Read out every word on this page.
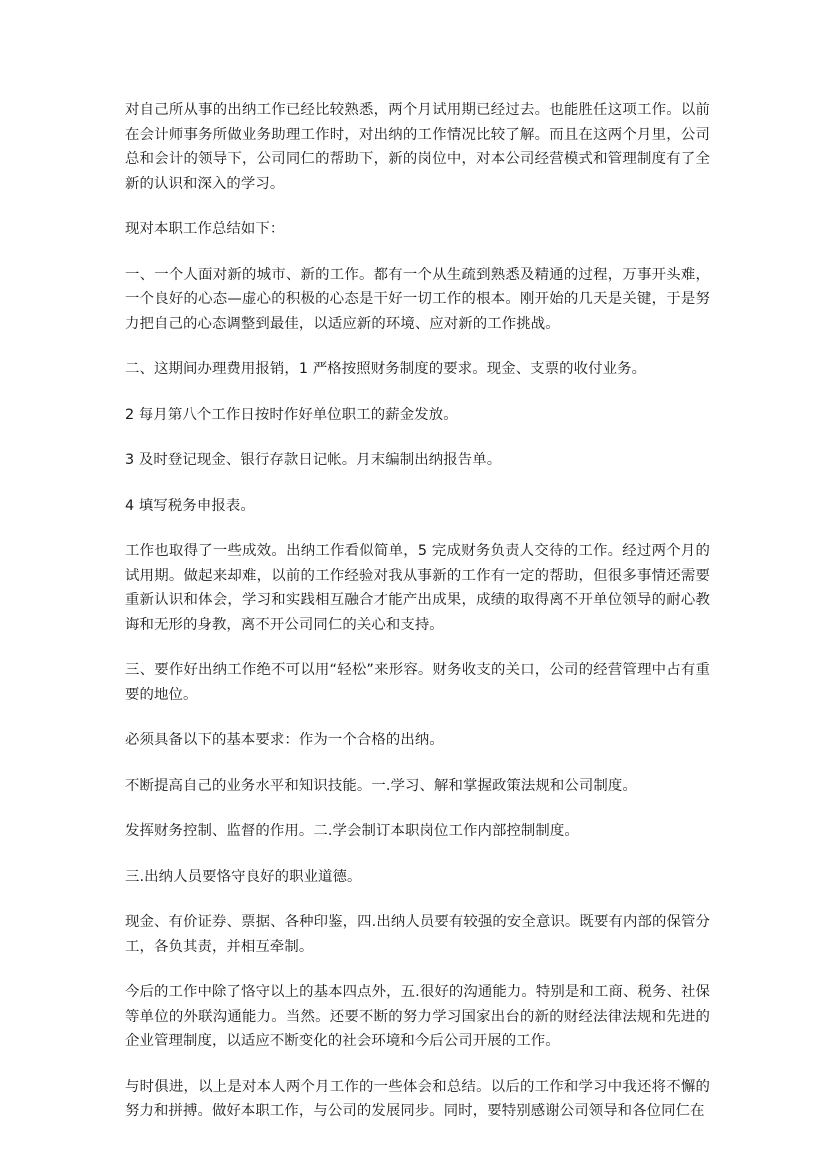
对自己所从事的出纳工作已经比较熟悉，两个月试用期已经过去。也能胜任这项工作。以前在会计师事务所做业务助理工作时，对出纳的工作情况比较了解。而且在这两个月里，公司总和会计的领导下，公司同仁的帮助下，新的岗位中，对本公司经营模式和管理制度有了全新的认识和深入的学习。

现对本职工作总结如下：

一、一个人面对新的城市、新的工作。都有一个从生疏到熟悉及精通的过程，万事开头难，一个良好的心态—虚心的积极的心态是干好一切工作的根本。刚开始的几天是关键，于是努力把自己的心态调整到最佳，以适应新的环境、应对新的工作挑战。

二、这期间办理费用报销，1 严格按照财务制度的要求。现金、支票的收付业务。

2 每月第八个工作日按时作好单位职工的薪金发放。

3 及时登记现金、银行存款日记帐。月末编制出纳报告单。

4 填写税务申报表。

工作也取得了一些成效。出纳工作看似简单，5 完成财务负责人交待的工作。经过两个月的试用期。做起来却难，以前的工作经验对我从事新的工作有一定的帮助，但很多事情还需要重新认识和体会，学习和实践相互融合才能产出成果，成绩的取得离不开单位领导的耐心教诲和无形的身教，离不开公司同仁的关心和支持。

三、要作好出纳工作绝不可以用“轻松”来形容。财务收支的关口，公司的经营管理中占有重要的地位。

必须具备以下的基本要求：作为一个合格的出纳。

不断提高自己的业务水平和知识技能。一.学习、解和掌握政策法规和公司制度。

发挥财务控制、监督的作用。二.学会制订本职岗位工作内部控制制度。

三.出纳人员要恪守良好的职业道德。

现金、有价证券、票据、各种印鉴，四.出纳人员要有较强的安全意识。既要有内部的保管分工，各负其责，并相互牵制。

今后的工作中除了恪守以上的基本四点外，五.很好的沟通能力。特别是和工商、税务、社保等单位的外联沟通能力。当然。还要不断的努力学习国家出台的新的财经法律法规和先进的企业管理制度，以适应不断变化的社会环境和今后公司开展的工作。

与时俱进，以上是对本人两个月工作的一些体会和总结。以后的工作和学习中我还将不懈的努力和拼搏。做好本职工作，与公司的发展同步。同时，要特别感谢公司领导和各位同仁在
